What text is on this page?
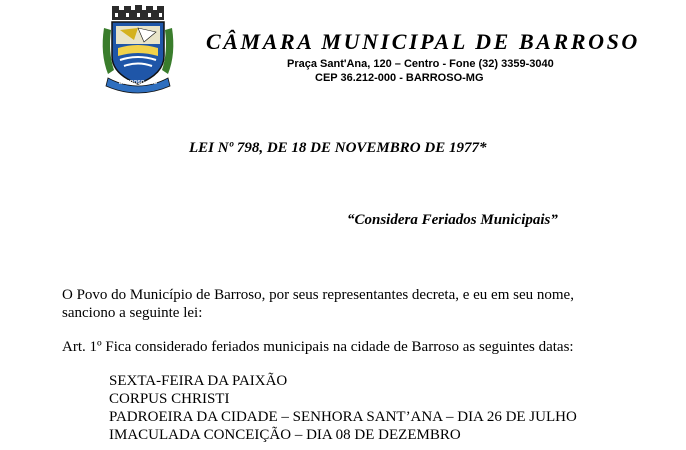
BARROSO - MG
CÂMARA MUNICIPAL DE BARROSO
Praça Sant'Ana, 120 – Centro - Fone (32) 3359-3040
CEP 36.212-000 - BARROSO-MG
LEI Nº 798, DE 18 DE NOVEMBRO DE 1977*
“Considera Feriados Municipais”
O Povo do Município de Barroso, por seus representantes decreta, e eu em seu nome,
sanciono a seguinte lei:
Art. 1º Fica considerado feriados municipais na cidade de Barroso as seguintes datas:
SEXTA-FEIRA DA PAIXÃO
CORPUS CHRISTI
PADROEIRA DA CIDADE – SENHORA SANT’ANA – DIA 26 DE JULHO
IMACULADA CONCEIÇÃO – DIA 08 DE DEZEMBRO
